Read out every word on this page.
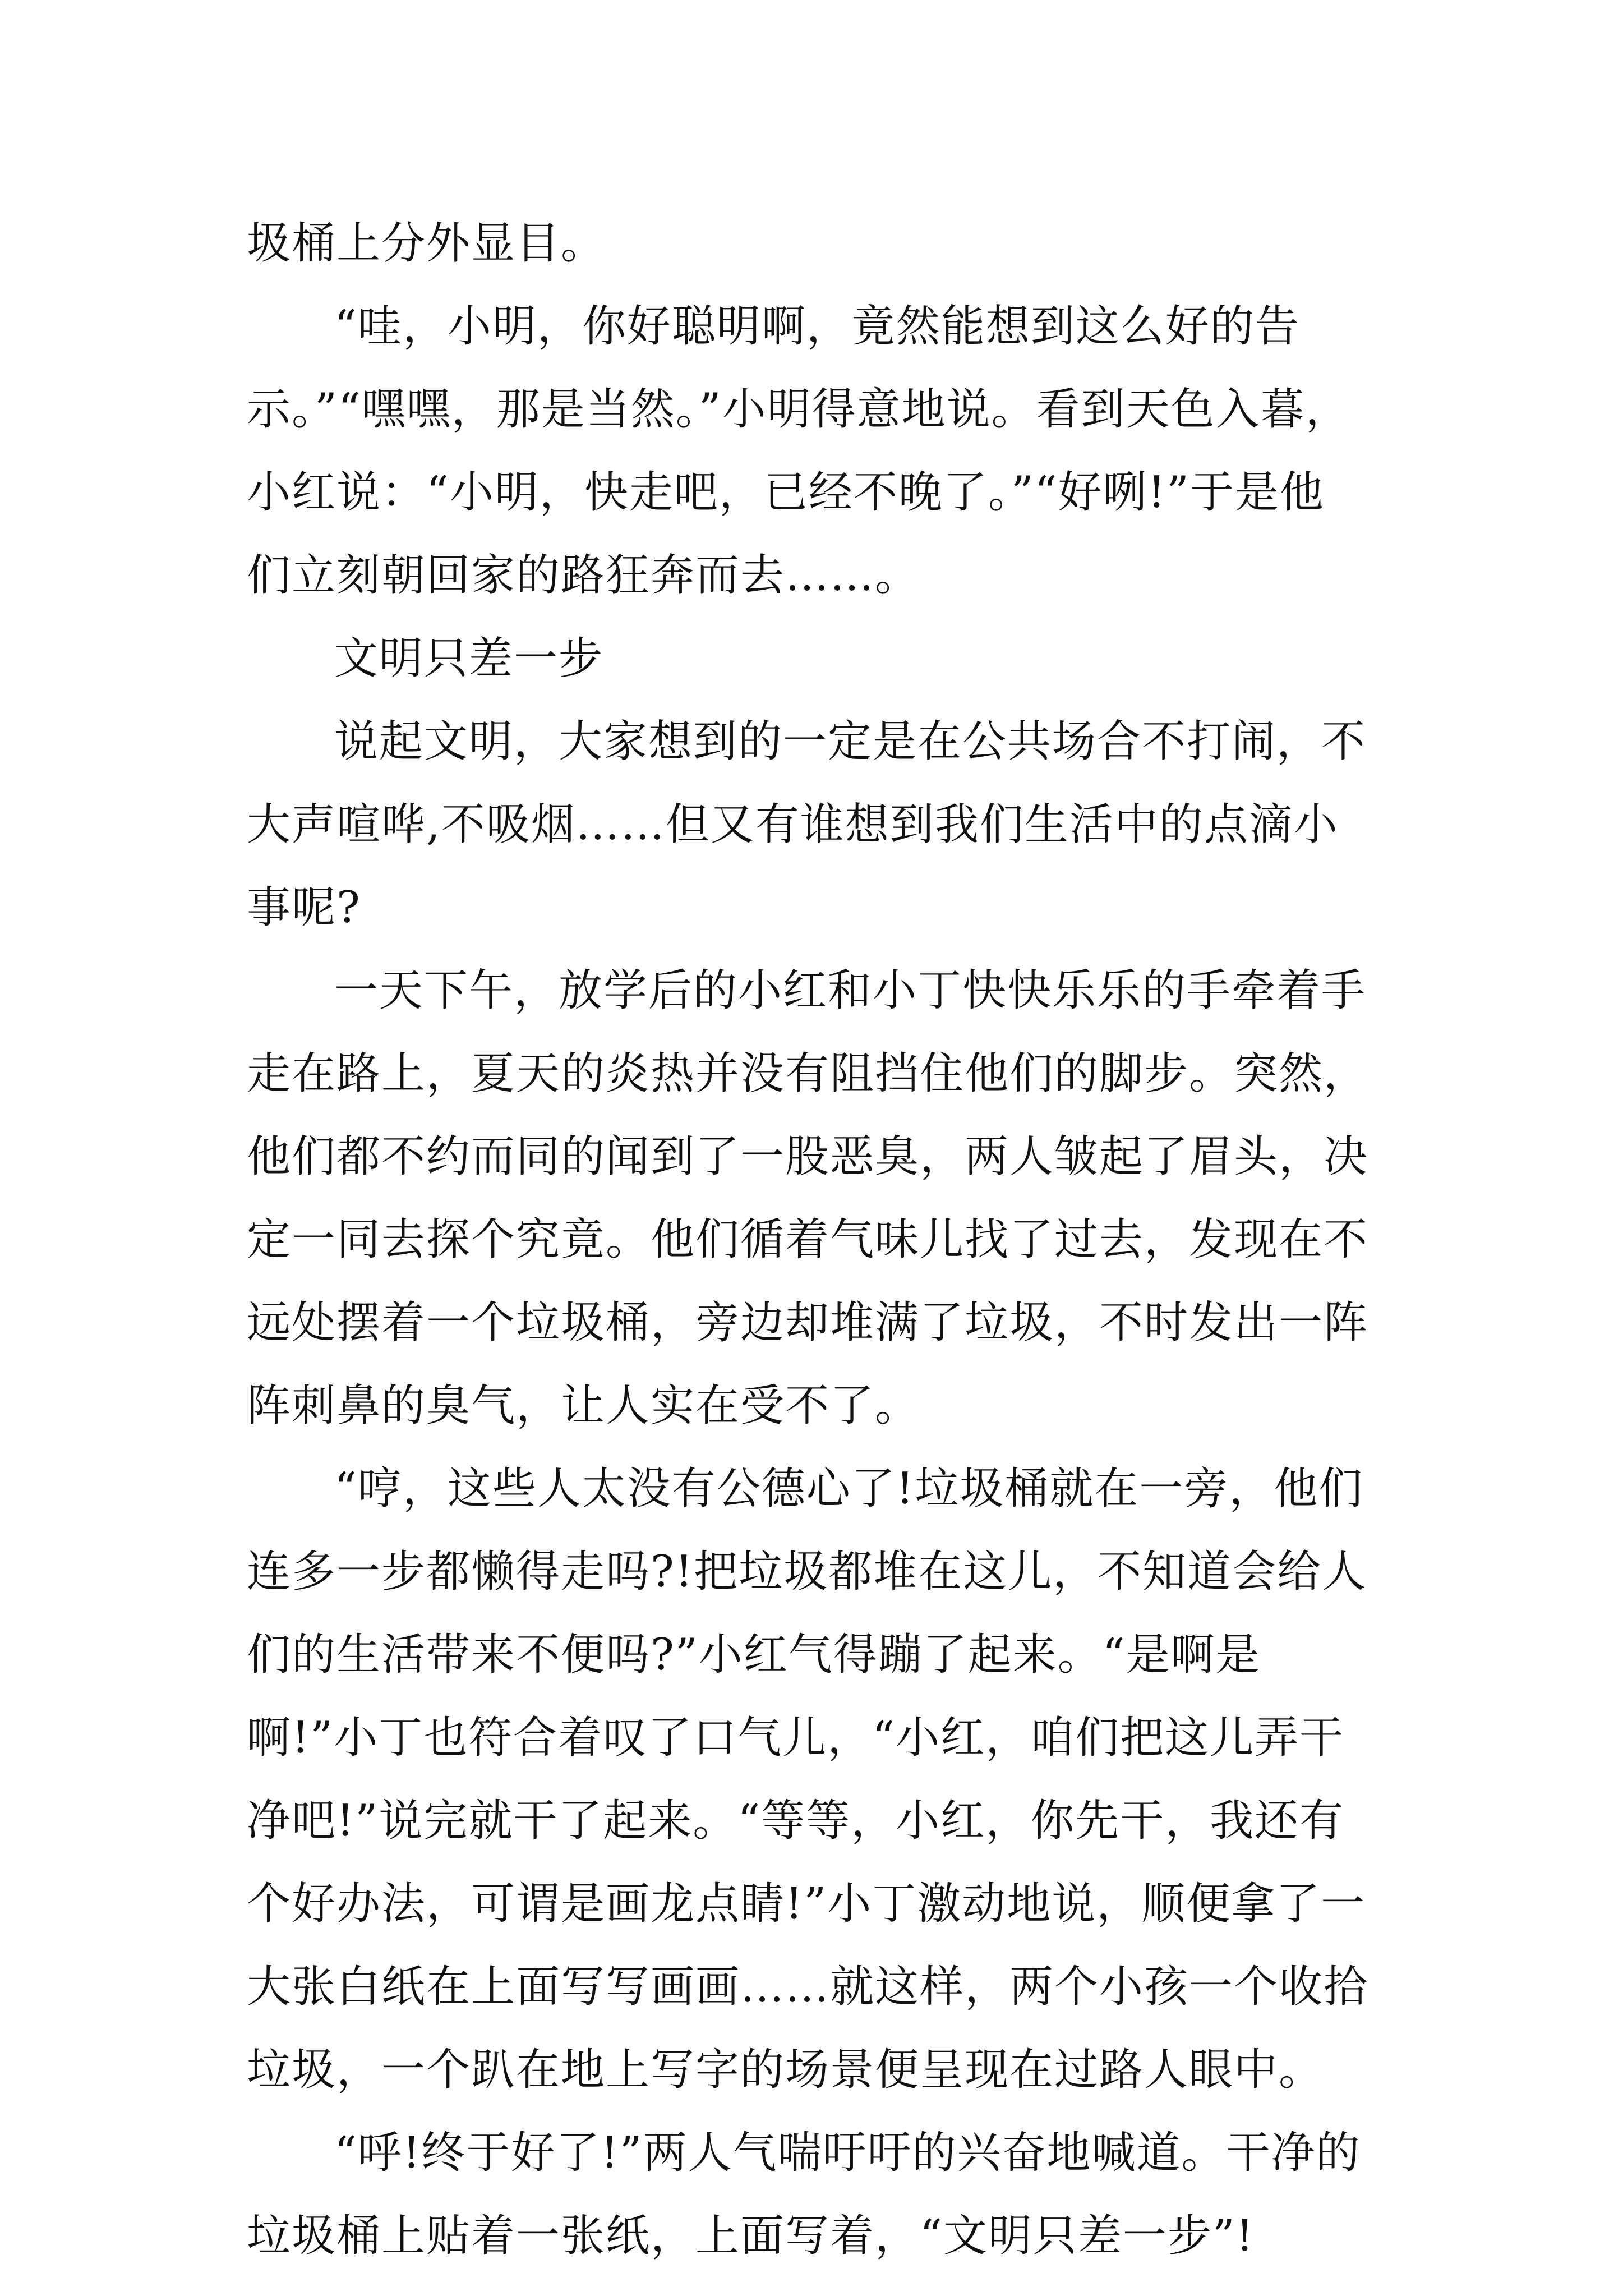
圾桶上分外显目。

“哇，小明，你好聪明啊，竟然能想到这么好的告示。”“嘿嘿，那是当然。”小明得意地说。看到天色入暮，小红说：“小明，快走吧，已经不晚了。”“好咧!”于是他们立刻朝回家的路狂奔而去……。

文明只差一步

说起文明，大家想到的一定是在公共场合不打闹，不大声喧哗,不吸烟……但又有谁想到我们生活中的点滴小事呢?

一天下午，放学后的小红和小丁快快乐乐的手牵着手走在路上，夏天的炎热并没有阻挡住他们的脚步。突然，他们都不约而同的闻到了一股恶臭，两人皱起了眉头，决定一同去探个究竟。他们循着气味儿找了过去，发现在不远处摆着一个垃圾桶，旁边却堆满了垃圾，不时发出一阵阵刺鼻的臭气，让人实在受不了。

“哼，这些人太没有公德心了!垃圾桶就在一旁，他们连多一步都懒得走吗?!把垃圾都堆在这儿，不知道会给人们的生活带来不便吗?”小红气得蹦了起来。“是啊是啊!”小丁也符合着叹了口气儿，“小红，咱们把这儿弄干净吧!”说完就干了起来。“等等，小红，你先干，我还有个好办法，可谓是画龙点睛!”小丁激动地说，顺便拿了一大张白纸在上面写写画画……就这样，两个小孩一个收拾垃圾，一个趴在地上写字的场景便呈现在过路人眼中。

“呼!终于好了!”两人气喘吁吁的兴奋地喊道。干净的垃圾桶上贴着一张纸，上面写着，“文明只差一步”!
